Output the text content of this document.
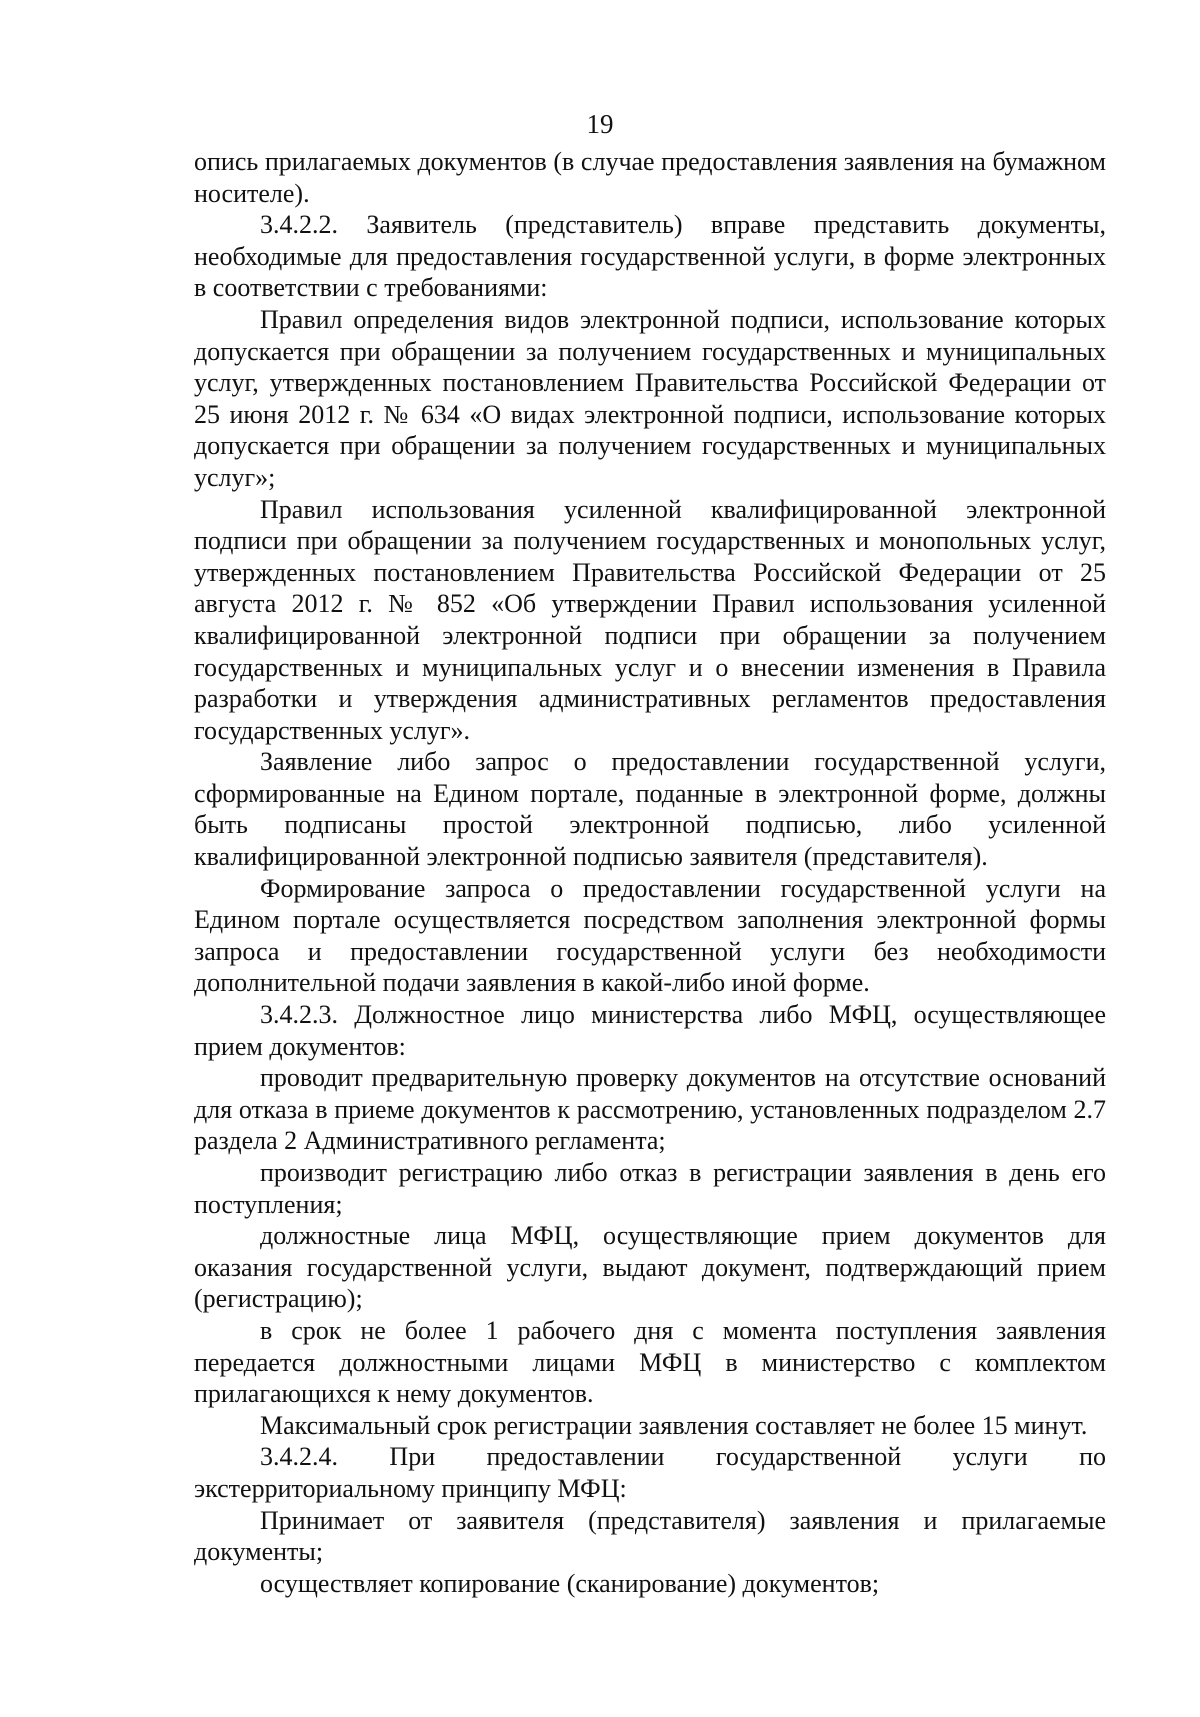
19

опись прилагаемых документов (в случае предоставления заявления на бумажном носителе).

3.4.2.2. Заявитель (представитель) вправе представить документы, необходимые для предоставления государственной услуги, в форме электронных в соответствии с требованиями:

Правил определения видов электронной подписи, использование которых допускается при обращении за получением государственных и муниципальных услуг, утвержденных постановлением Правительства Российской Федерации от 25 июня 2012 г. № 634 «О видах электронной подписи, использование которых допускается при обращении за получением государственных и муниципальных услуг»;

Правил использования усиленной квалифицированной электронной подписи при обращении за получением государственных и монопольных услуг, утвержденных постановлением Правительства Российской Федерации от 25 августа 2012 г. № 852 «Об утверждении Правил использования усиленной квалифицированной электронной подписи при обращении за получением государственных и муниципальных услуг и о внесении изменения в Правила разработки и утверждения административных регламентов предоставления государственных услуг».

Заявление либо запрос о предоставлении государственной услуги, сформированные на Едином портале, поданные в электронной форме, должны быть подписаны простой электронной подписью, либо усиленной квалифицированной электронной подписью заявителя (представителя).

Формирование запроса о предоставлении государственной услуги на Едином портале осуществляется посредством заполнения электронной формы запроса и предоставлении государственной услуги без необходимости дополнительной подачи заявления в какой-либо иной форме.

3.4.2.3. Должностное лицо министерства либо МФЦ, осуществляющее прием документов:

проводит предварительную проверку документов на отсутствие оснований для отказа в приеме документов к рассмотрению, установленных подразделом 2.7 раздела 2 Административного регламента;

производит регистрацию либо отказ в регистрации заявления в день его поступления;

должностные лица МФЦ, осуществляющие прием документов для оказания государственной услуги, выдают документ, подтверждающий прием (регистрацию);

в срок не более 1 рабочего дня с момента поступления заявления передается должностными лицами МФЦ в министерство с комплектом прилагающихся к нему документов.

Максимальный срок регистрации заявления составляет не более 15 минут.

3.4.2.4. При предоставлении государственной услуги по экстерриториальному принципу МФЦ:

Принимает от заявителя (представителя) заявления и прилагаемые документы;

осуществляет копирование (сканирование) документов;
